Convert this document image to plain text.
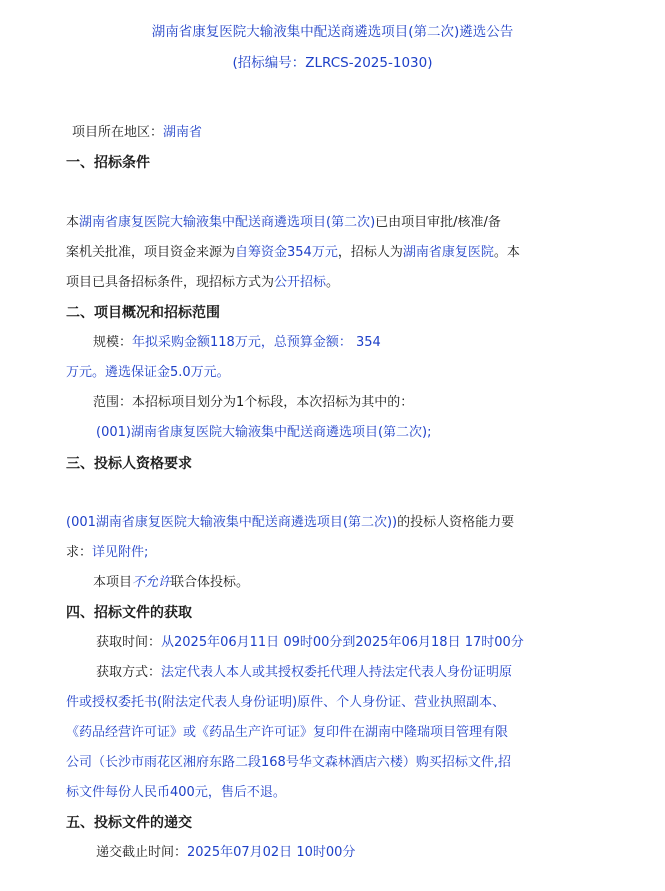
湖南省康复医院大输液集中配送商遴选项目(第二次)遴选公告
(招标编号：ZLRCS-2025-1030)
项目所在地区：湖南省
一、招标条件
本湖南省康复医院大输液集中配送商遴选项目(第二次)已由项目审批/核准/备
案机关批准，项目资金来源为自筹资金354万元，招标人为湖南省康复医院。本
项目已具备招标条件，现招标方式为公开招标。
二、项目概况和招标范围
规模：年拟采购金额118万元，总预算金额： 354
万元。遴选保证金5.0万元。
范围：本招标项目划分为1个标段，本次招标为其中的：
(001)湖南省康复医院大输液集中配送商遴选项目(第二次);
三、投标人资格要求
(001湖南省康复医院大输液集中配送商遴选项目(第二次))的投标人资格能力要
求：详见附件;
本项目不允许联合体投标。
四、招标文件的获取
获取时间：从2025年06月11日 09时00分到2025年06月18日 17时00分
获取方式：法定代表人本人或其授权委托代理人持法定代表人身份证明原
件或授权委托书(附法定代表人身份证明)原件、个人身份证、营业执照副本、
《药品经营许可证》或《药品生产许可证》复印件在湖南中隆瑞项目管理有限
公司（长沙市雨花区湘府东路二段168号华文森林酒店六楼）购买招标文件,招
标文件每份人民币400元，售后不退。
五、投标文件的递交
递交截止时间：2025年07月02日 10时00分
